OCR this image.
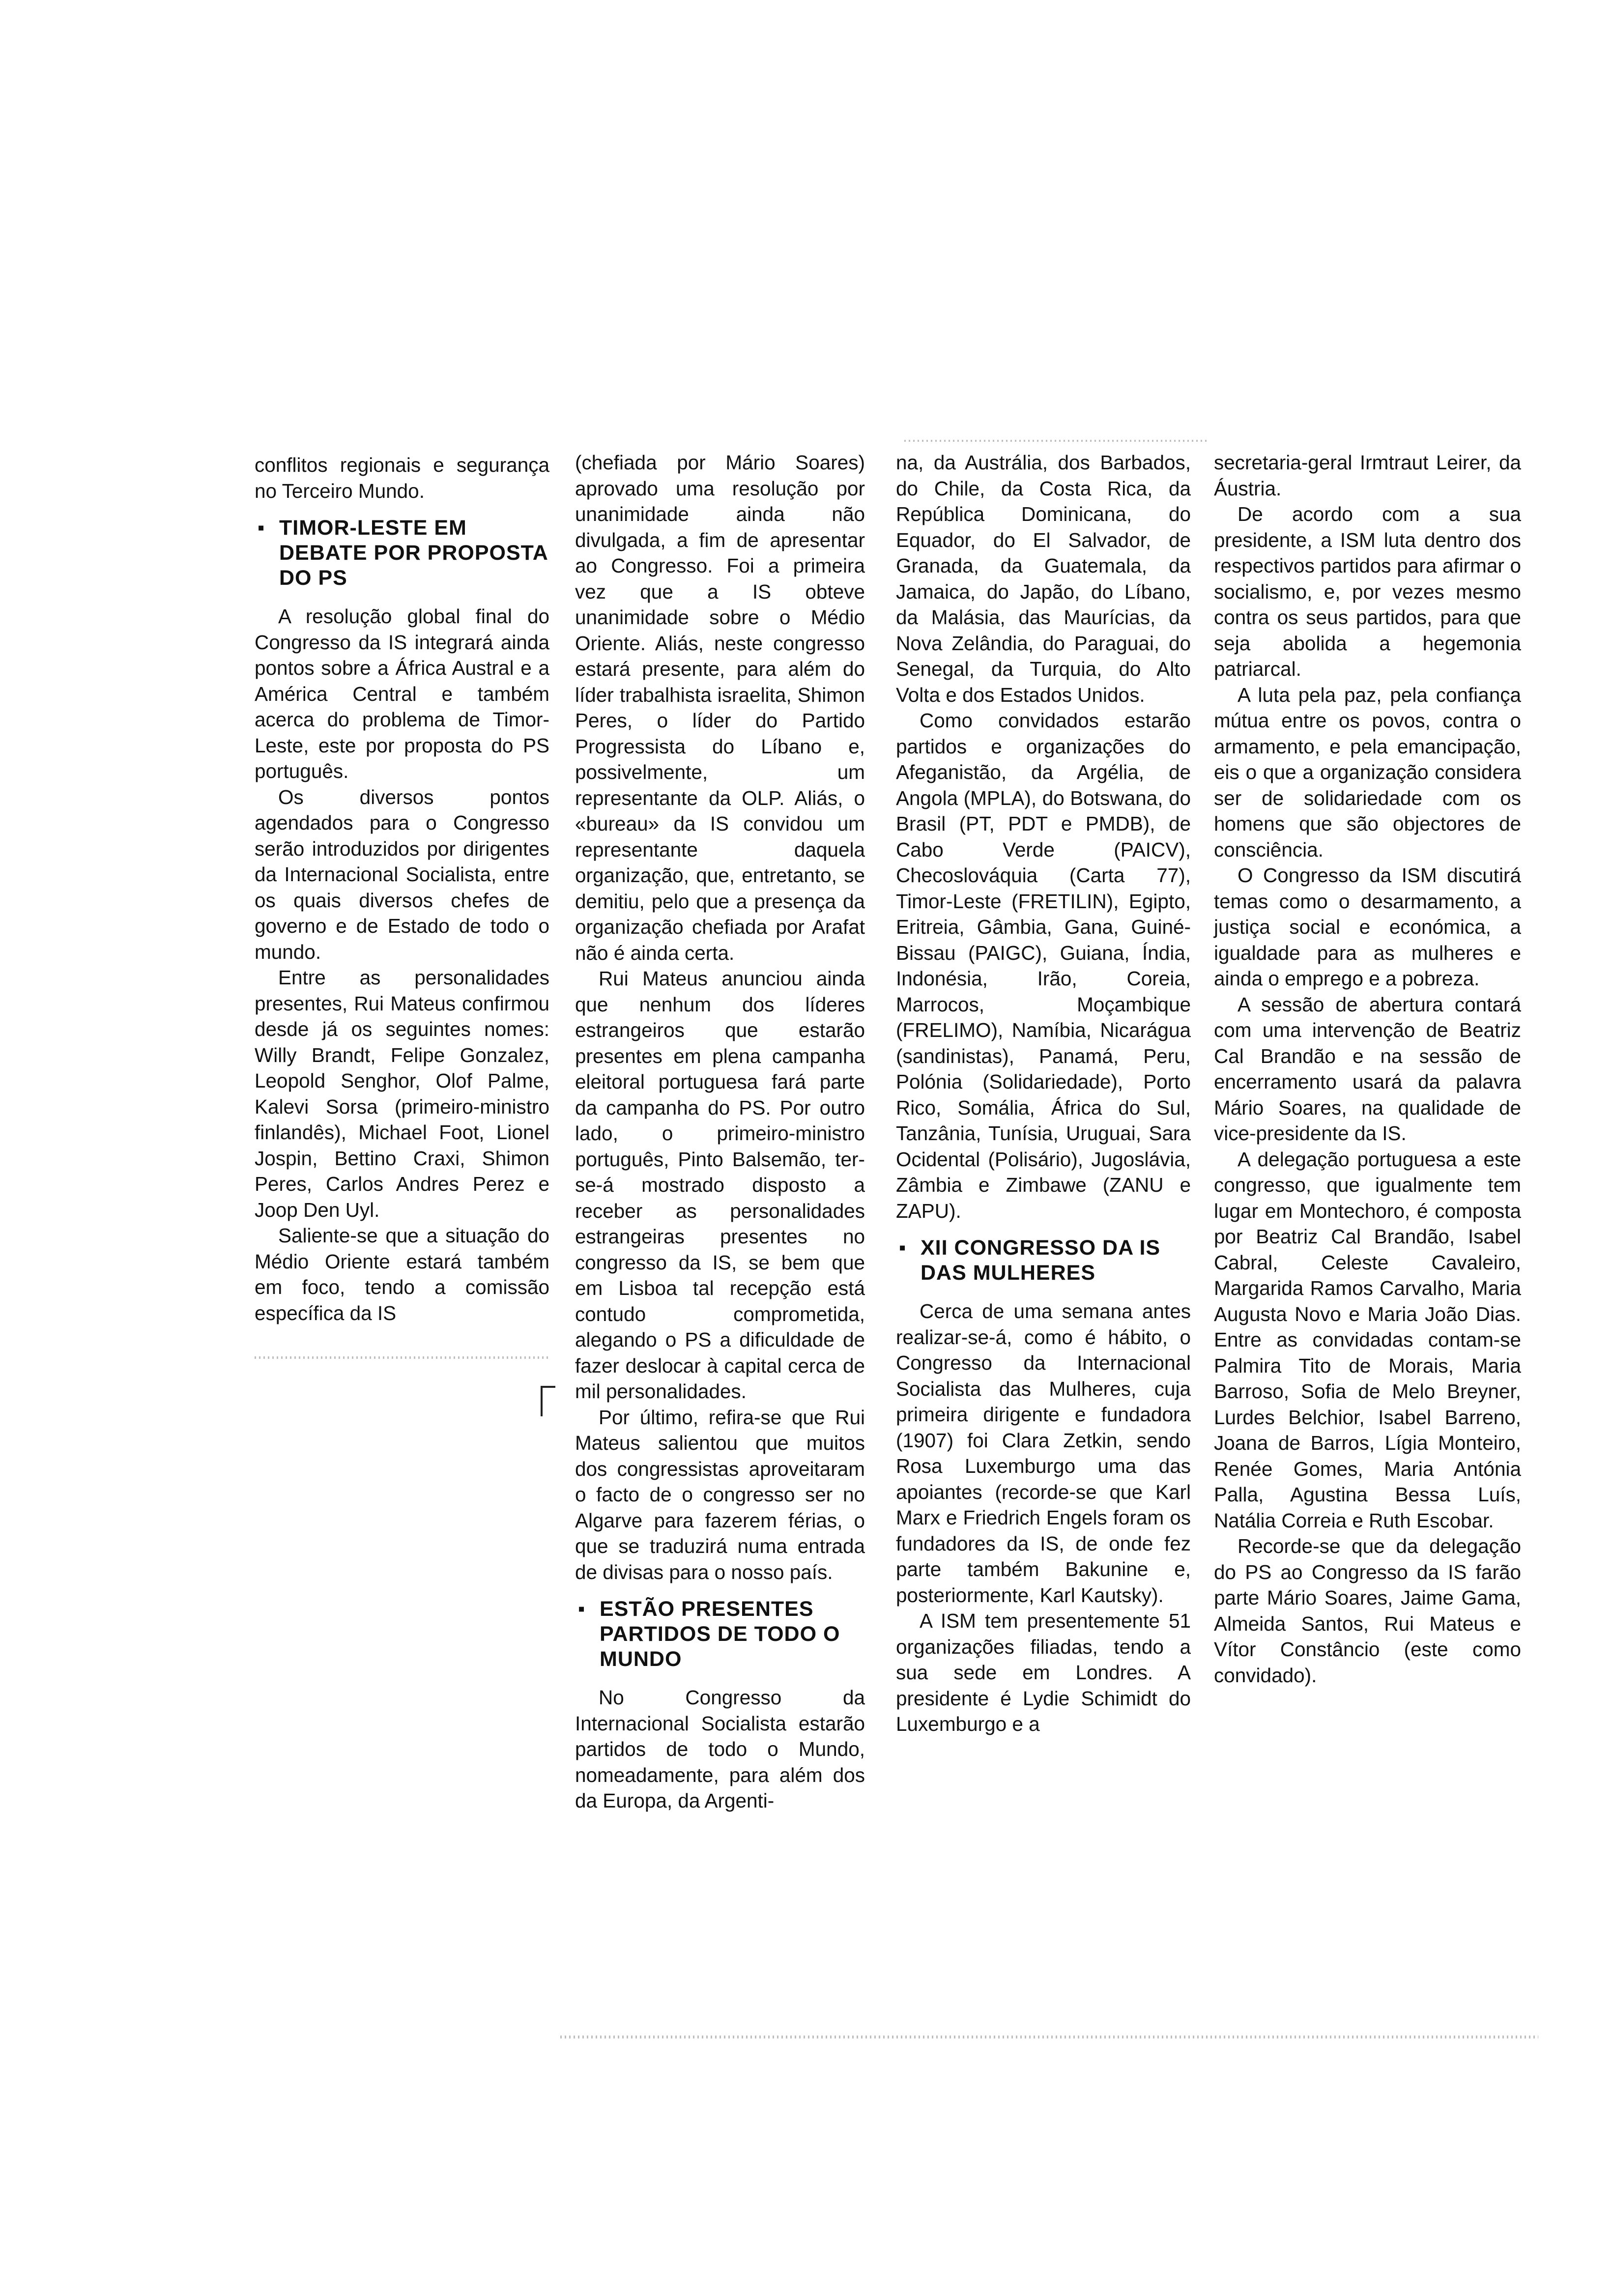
conflitos regionais e segurança no Terceiro Mundo.

▪ TIMOR-LESTE EM DEBATE POR PROPOSTA DO PS

A resolução global final do Congresso da IS integrará ainda pontos sobre a África Austral e a América Central e também acerca do problema de Timor-Leste, este por proposta do PS português.

Os diversos pontos agendados para o Congresso serão introduzidos por dirigentes da Internacional Socialista, entre os quais diversos chefes de governo e de Estado de todo o mundo.

Entre as personalidades presentes, Rui Mateus confirmou desde já os seguintes nomes: Willy Brandt, Felipe Gonzalez, Leopold Senghor, Olof Palme, Kalevi Sorsa (primeiro-ministro finlandês), Michael Foot, Lionel Jospin, Bettino Craxi, Shimon Peres, Carlos Andres Perez e Joop Den Uyl.

Saliente-se que a situação do Médio Oriente estará também em foco, tendo a comissão específica da IS

(chefiada por Mário Soares) aprovado uma resolução por unanimidade ainda não divulgada, a fim de apresentar ao Congresso. Foi a primeira vez que a IS obteve unanimidade sobre o Médio Oriente. Aliás, neste congresso estará presente, para além do líder trabalhista israelita, Shimon Peres, o líder do Partido Progressista do Líbano e, possivelmente, um representante da OLP. Aliás, o «bureau» da IS convidou um representante daquela organização, que, entretanto, se demitiu, pelo que a presença da organização chefiada por Arafat não é ainda certa.

Rui Mateus anunciou ainda que nenhum dos líderes estrangeiros que estarão presentes em plena campanha eleitoral portuguesa fará parte da campanha do PS. Por outro lado, o primeiro-ministro português, Pinto Balsemão, ter-se-á mostrado disposto a receber as personalidades estrangeiras presentes no congresso da IS, se bem que em Lisboa tal recepção está contudo comprometida, alegando o PS a dificuldade de fazer deslocar à capital cerca de mil personalidades.

Por último, refira-se que Rui Mateus salientou que muitos dos congressistas aproveitaram o facto de o congresso ser no Algarve para fazerem férias, o que se traduzirá numa entrada de divisas para o nosso país.

▪ ESTÃO PRESENTES PARTIDOS DE TODO O MUNDO

No Congresso da Internacional Socialista estarão partidos de todo o Mundo, nomeadamente, para além dos da Europa, da Argenti-

na, da Austrália, dos Barbados, do Chile, da Costa Rica, da República Dominicana, do Equador, do El Salvador, de Granada, da Guatemala, da Jamaica, do Japão, do Líbano, da Malásia, das Maurícias, da Nova Zelândia, do Paraguai, do Senegal, da Turquia, do Alto Volta e dos Estados Unidos.

Como convidados estarão partidos e organizações do Afeganistão, da Argélia, de Angola (MPLA), do Botswana, do Brasil (PT, PDT e PMDB), de Cabo Verde (PAICV), Checoslováquia (Carta 77), Timor-Leste (FRETILIN), Egipto, Eritreia, Gâmbia, Gana, Guiné-Bissau (PAIGC), Guiana, Índia, Indonésia, Irão, Coreia, Marrocos, Moçambique (FRELIMO), Namíbia, Nicarágua (sandinistas), Panamá, Peru, Polónia (Solidariedade), Porto Rico, Somália, África do Sul, Tanzânia, Tunísia, Uruguai, Sara Ocidental (Polisário), Jugoslávia, Zâmbia e Zimbawe (ZANU e ZAPU).

▪ XII CONGRESSO DA IS DAS MULHERES

Cerca de uma semana antes realizar-se-á, como é hábito, o Congresso da Internacional Socialista das Mulheres, cuja primeira dirigente e fundadora (1907) foi Clara Zetkin, sendo Rosa Luxemburgo uma das apoiantes (recorde-se que Karl Marx e Friedrich Engels foram os fundadores da IS, de onde fez parte também Bakunine e, posteriormente, Karl Kautsky).

A ISM tem presentemente 51 organizações filiadas, tendo a sua sede em Londres. A presidente é Lydie Schimidt do Luxemburgo e a

secretaria-geral Irmtraut Leirer, da Áustria.

De acordo com a sua presidente, a ISM luta dentro dos respectivos partidos para afirmar o socialismo, e, por vezes mesmo contra os seus partidos, para que seja abolida a hegemonia patriarcal.

A luta pela paz, pela confiança mútua entre os povos, contra o armamento, e pela emancipação, eis o que a organização considera ser de solidariedade com os homens que são objectores de consciência.

O Congresso da ISM discutirá temas como o desarmamento, a justiça social e económica, a igualdade para as mulheres e ainda o emprego e a pobreza.

A sessão de abertura contará com uma intervenção de Beatriz Cal Brandão e na sessão de encerramento usará da palavra Mário Soares, na qualidade de vice-presidente da IS.

A delegação portuguesa a este congresso, que igualmente tem lugar em Montechoro, é composta por Beatriz Cal Brandão, Isabel Cabral, Celeste Cavaleiro, Margarida Ramos Carvalho, Maria Augusta Novo e Maria João Dias. Entre as convidadas contam-se Palmira Tito de Morais, Maria Barroso, Sofia de Melo Breyner, Lurdes Belchior, Isabel Barreno, Joana de Barros, Lígia Monteiro, Renée Gomes, Maria Antónia Palla, Agustina Bessa Luís, Natália Correia e Ruth Escobar.

Recorde-se que da delegação do PS ao Congresso da IS farão parte Mário Soares, Jaime Gama, Almeida Santos, Rui Mateus e Vítor Constâncio (este como convidado).
